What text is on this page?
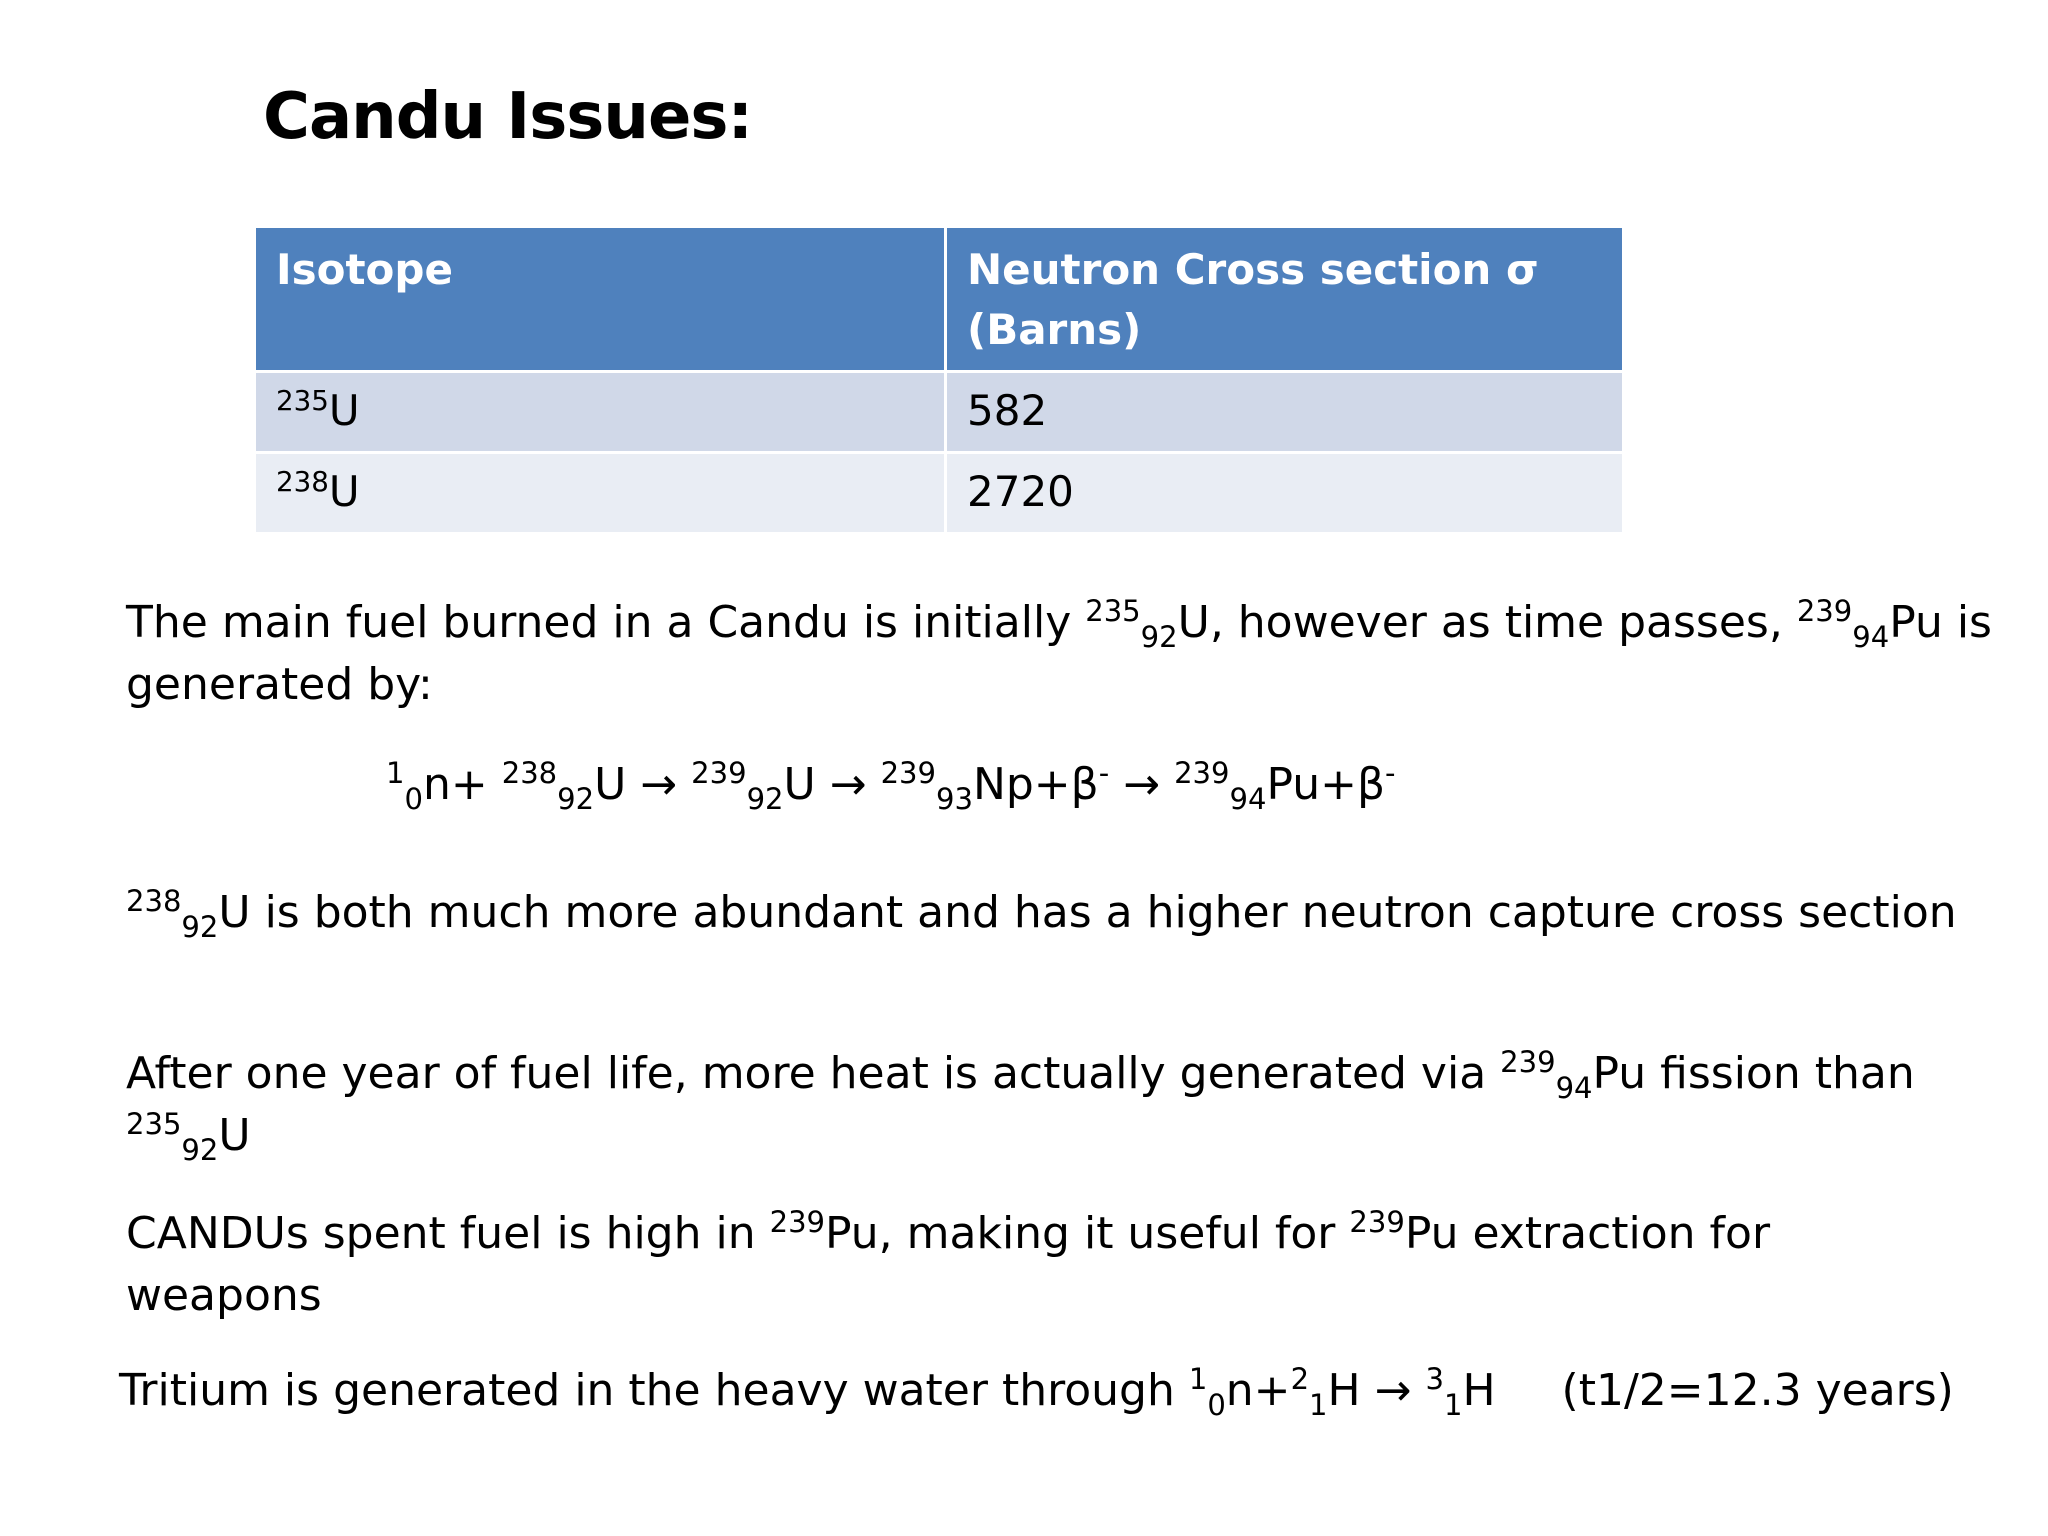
Candu Issues:
Isotope	Neutron Cross section σ
(Barns)
$^{235}$U	582
$^{238}$U	2720

The main fuel burned in a Candu is initially $^{235}_{92}$U, however as time passes, $^{239}_{94}$Pu is generated by:

$^1_0$n+ $^{238}_{92}$U → $^{239}_{92}$U → $^{239}_{93}$Np+β- → $^{239}_{94}$Pu+β-

$^{238}_{92}$U is both much more abundant and has a higher neutron capture cross section

After one year of fuel life, more heat is actually generated via $^{239}_{94}$Pu fission than $^{235}_{92}$U

CANDUs spent fuel is high in $^{239}$Pu, making it useful for $^{239}$Pu extraction for weapons

Tritium is generated in the heavy water through $^1_0$n+$^2_1$H → $^3_1$H (t1/2=12.3 years)
